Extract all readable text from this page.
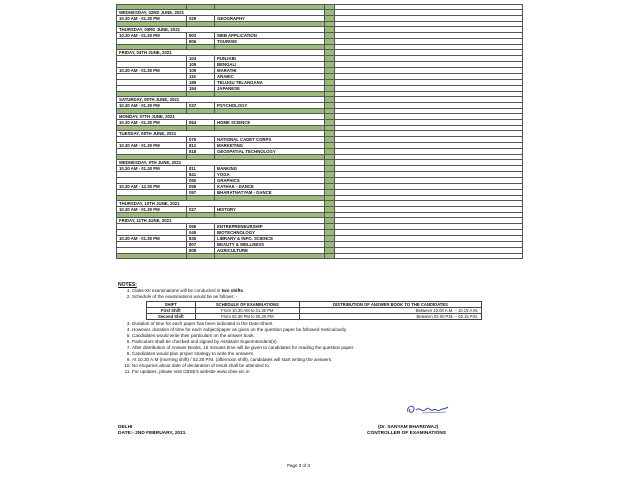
WEDNESDAY, 02ND JUNE, 2021				
10.30 AM - 01.30 PM	029	GEOGRAPHY		

THURSDAY, 03RD JUNE, 2021				
10.30 AM - 01.30 PM	803	WEB APPLICATION		
	806	TOURISM		

FRIDAY, 04TH JUNE, 2021				
	104	PUNJABI		
	105	BENGALI		
10.30 AM - 01.30 PM	109	MARATHI		
	116	ARABIC		
	189	TELUGU TELANGANA		
	194	JAPANESE		

SATURDAY, 05TH JUNE, 2021				
10.30 AM - 01.30 PM	037	PSYCHOLOGY		

MONDAY, 07TH JUNE, 2021				
10.30 AM - 01.30 PM	064	HOME SCIENCE		

TUESDAY, 08TH JUNE, 2021				
	076	NATIONAL CADET CORPS		
10.30 AM - 01.30 PM	812	MARKETING		
	818	GEOSPATIAL TECHNOLOGY		

WEDNESDAY, 9TH JUNE, 2021				
10.30 AM - 01.30 PM	811	BANKING		
	841	YOGA		
	050	GRAPHICS		
10.30 AM - 12.30 PM	056	KATHAK - DANCE		
	057	BHARATNATYAM - DANCE		

THURSDAY, 10TH JUNE, 2021				
10.30 AM - 01.30 PM	027	HISTORY		

FRIDAY, 11TH JUNE, 2021				
	066	ENTREPRENEURSHIP		
	045	BIOTECHNOLOGY		
10.30 AM - 01.30 PM	836	LIBRARY & INFO. SCIENCE		
	807	BEAUTY & WELLNESS		
	808	AGRICULTURE		

NOTES:
1. Class-XII examinations will be conducted in two shifts.
2. Schedule of the examinations would be as follows: -
SHIFT	SCHEDULE OF EXAMINATIONS	DISTRIBUTION OF ANSWER BOOK TO THE CANDIDATES
First Shift	From 10.30 AM to 01.30 PM	Between 10.00 A.M. – 10.15 A.M.
Second Shift	From 02.30 PM to 05.30 PM	Between 02.00 P.M. – 02.15 P.M.
3. Duration of time for each paper has been indicated in the Date-Sheet.
4. However, duration of time for each subject/paper as given on the question paper be followed meticulously.
5. Candidates would write their particulars on the answer book.
6. Particulars shall be checked and signed by Assistant Superintendent(s).
7. After distribution of Answer Books, 15 minutes time will be given to candidates for reading the question paper.
8. Candidates would plan proper strategy to write the answers.
9. At 10.30 A.M (morning shift) / 02.30 P.M. (afternoon shift), candidates will start writing the answers.
10. No enquiries about date of declaration of result shall be attended to.
11. For updates, please visit CBSE's website www.cbse.nic.in
DELHI
DATE:- 2ND FEBRUARY, 2021
(Dr. SANYAM BHARDWAJ)
CONTROLLER OF EXAMINATIONS
Page 3 of 3
